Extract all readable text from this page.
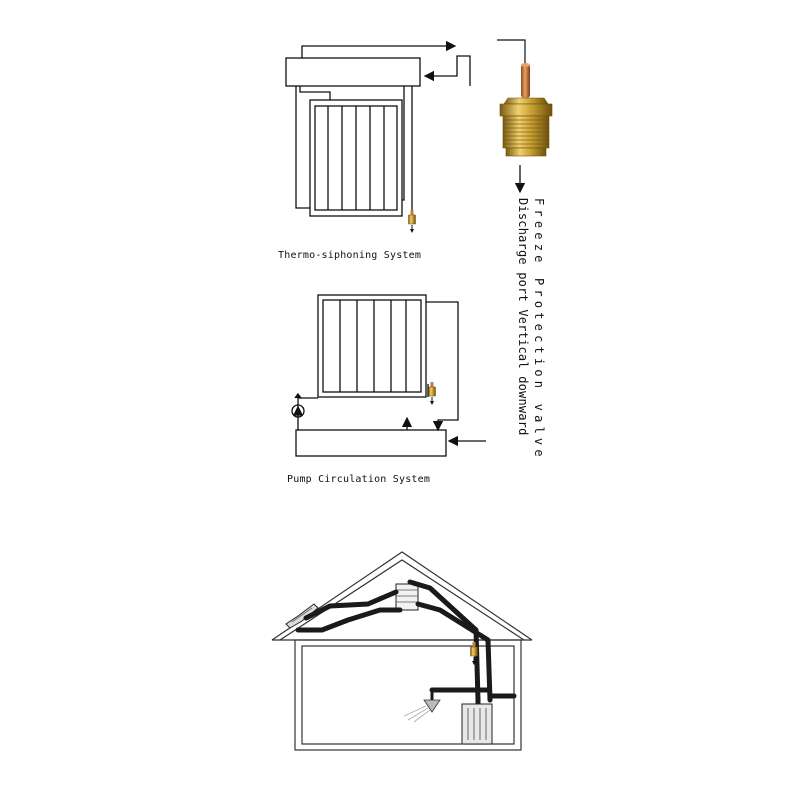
Thermo-siphoning System
Pump Circulation System
Freeze Protection valve
Discharge port Vertical downward
